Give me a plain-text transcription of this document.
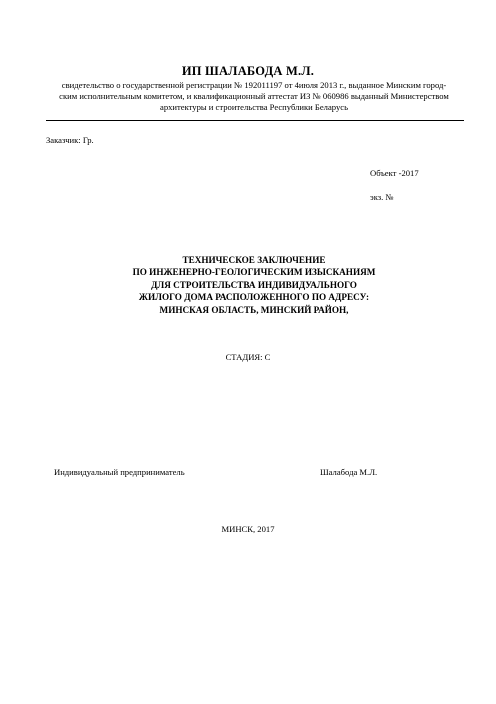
ИП ШАЛАБОДА М.Л.
свидетельство о государственной регистрации № 192011197 от 4июля 2013 г., выданное Минским город-
ским исполнительным комитетом, и квалификационный аттестат ИЗ № 060986 выданный Министерством
архитектуры и строительства Республики Беларусь
Заказчик: Гр.
Объект -2017
экз. №
ТЕХНИЧЕСКОЕ ЗАКЛЮЧЕНИЕ
ПО ИНЖЕНЕРНО-ГЕОЛОГИЧЕСКИМ ИЗЫСКАНИЯМ
ДЛЯ СТРОИТЕЛЬСТВА ИНДИВИДУАЛЬНОГО
ЖИЛОГО ДОМА РАСПОЛОЖЕННОГО ПО АДРЕСУ:
МИНСКАЯ ОБЛАСТЬ, МИНСКИЙ РАЙОН,
СТАДИЯ: С
Индивидуальный предприниматель	Шалабода М.Л.
МИНСК, 2017
